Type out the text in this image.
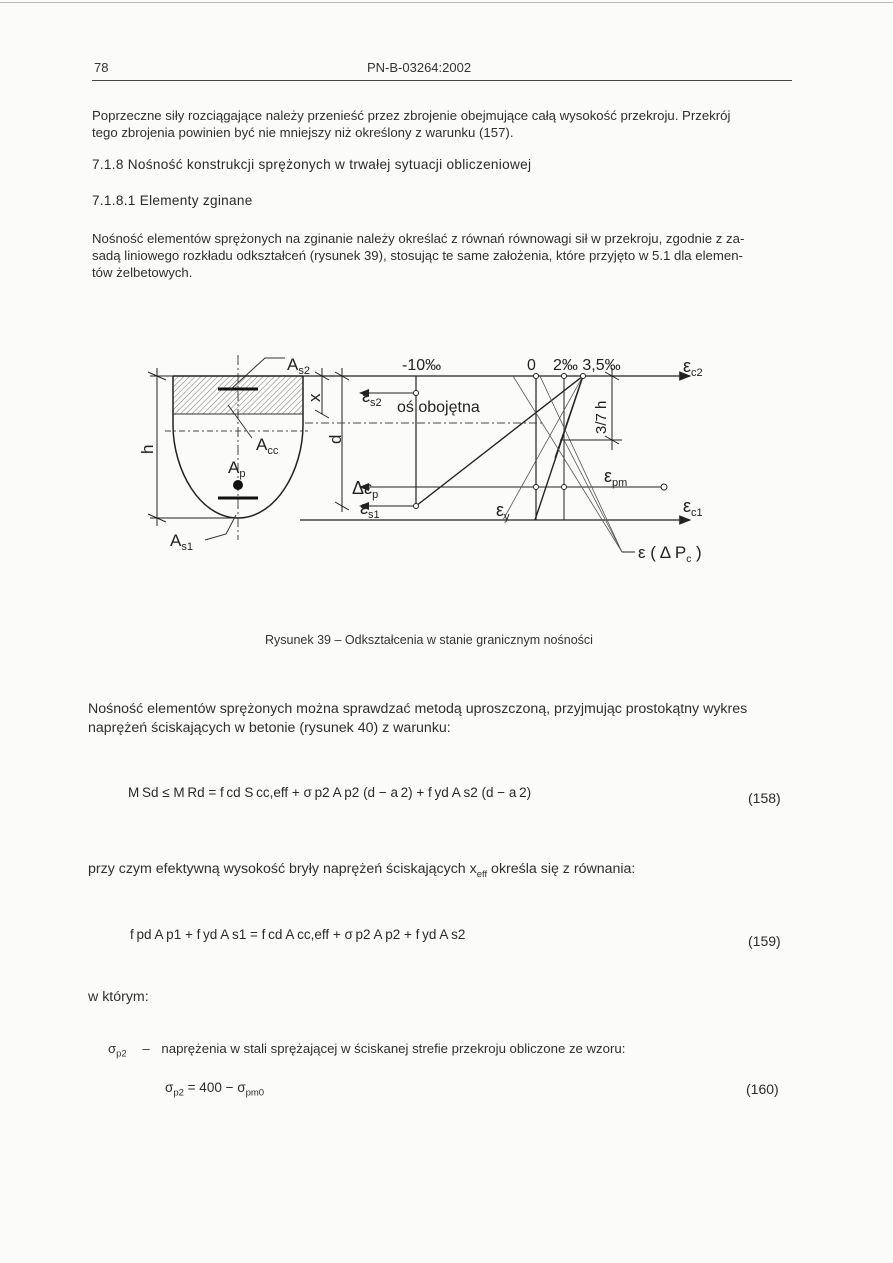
78	PN-B-03264:2002
Poprzeczne siły rozciągające należy przenieść przez zbrojenie obejmujące całą wysokość przekroju. Przekrój
tego zbrojenia powinien być nie mniejszy niż określony z warunku (157).
7.1.8 Nośność konstrukcji sprężonych w trwałej sytuacji obliczeniowej
7.1.8.1 Elementy zginane
Nośność elementów sprężonych na zginanie należy określać z równań równowagi sił w przekroju, zgodnie z za-
sadą liniowego rozkładu odkształceń (rysunek 39), stosując te same założenia, które przyjęto w 5.1 dla elemen-
tów żelbetowych.
$A_{s2}$
$A_{cc}$
$A_p$
$A_{s1}$
h
x
d
-10‰	0 2‰ 3,5‰	$\varepsilon_{c2}$
$\varepsilon_{s2}$ oś obojętna	3/7 h
$\Delta\varepsilon_p$
$\varepsilon_{pm}$
$\varepsilon_{s1}$	$\varepsilon_y$
$\varepsilon_{c1}$
ε ( Δ $P_c$ )
Rysunek 39 – Odkształcenia w stanie granicznym nośności
Nośność elementów sprężonych można sprawdzać metodą uproszczoną, przyjmując prostokątny wykres
naprężeń ściskających w betonie (rysunek 40) z warunku:
M Sd ≤ M Rd = f cd S cc,eff + σ p2 A p2 (d − a 2) + f yd A s2 (d − a 2)	(158)
przy czym efektywną wysokość bryły naprężeń ściskających $x_{eff}$ określa się z równania:
f pd A p1 + f yd A s1 = f cd A cc,eff + σ p2 A p2 + f yd A s2	(159)
w którym:
$\sigma_{p2}$ – naprężenia w stali sprężającej w ściskanej strefie przekroju obliczone ze wzoru:
$\sigma_{p2} = 400 - \sigma_{pm0}$	(160)
